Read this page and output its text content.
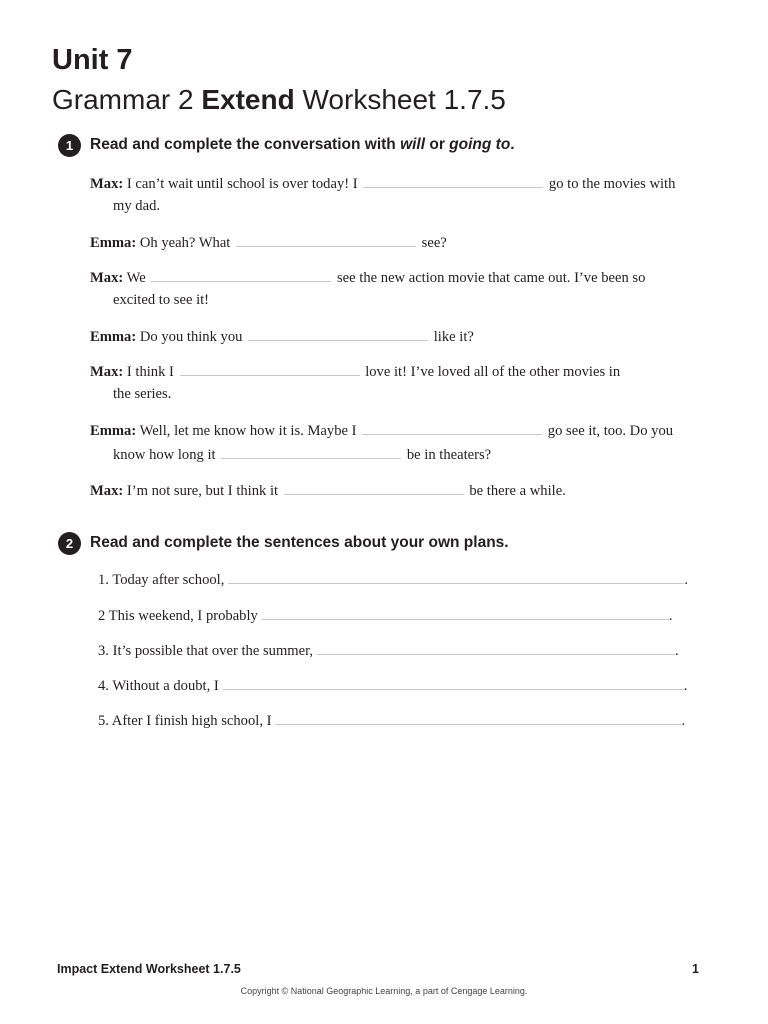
Unit 7
Grammar 2 Extend Worksheet 1.7.5
1	Read and complete the conversation with will or going to.
Max: I can’t wait until school is over today! I	go to the movies with
my dad.
Emma: Oh yeah? What	see?
Max: We	see the new action movie that came out. I’ve been so
excited to see it!
Emma: Do you think you	like it?
Max: I think I	love it! I’ve loved all of the other movies in
the series.
Emma: Well, let me know how it is. Maybe I	go see it, too. Do you
know how long it	be in theaters?
Max: I’m not sure, but I think it	be there a while.
2	Read and complete the sentences about your own plans.
1. Today after school,	.
2 This weekend, I probably	.
3. It’s possible that over the summer,	.
4. Without a doubt, I	.
5. After I finish high school, I	.
Impact Extend Worksheet 1.7.5	1
Copyright © National Geographic Learning, a part of Cengage Learning.
